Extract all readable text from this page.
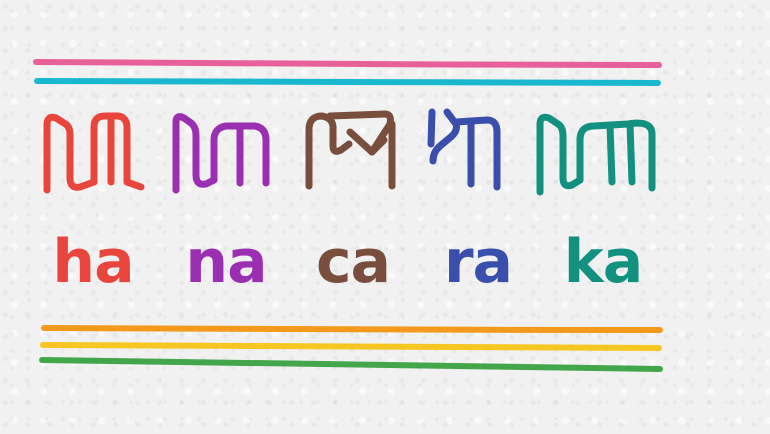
ha na ca ra ka
